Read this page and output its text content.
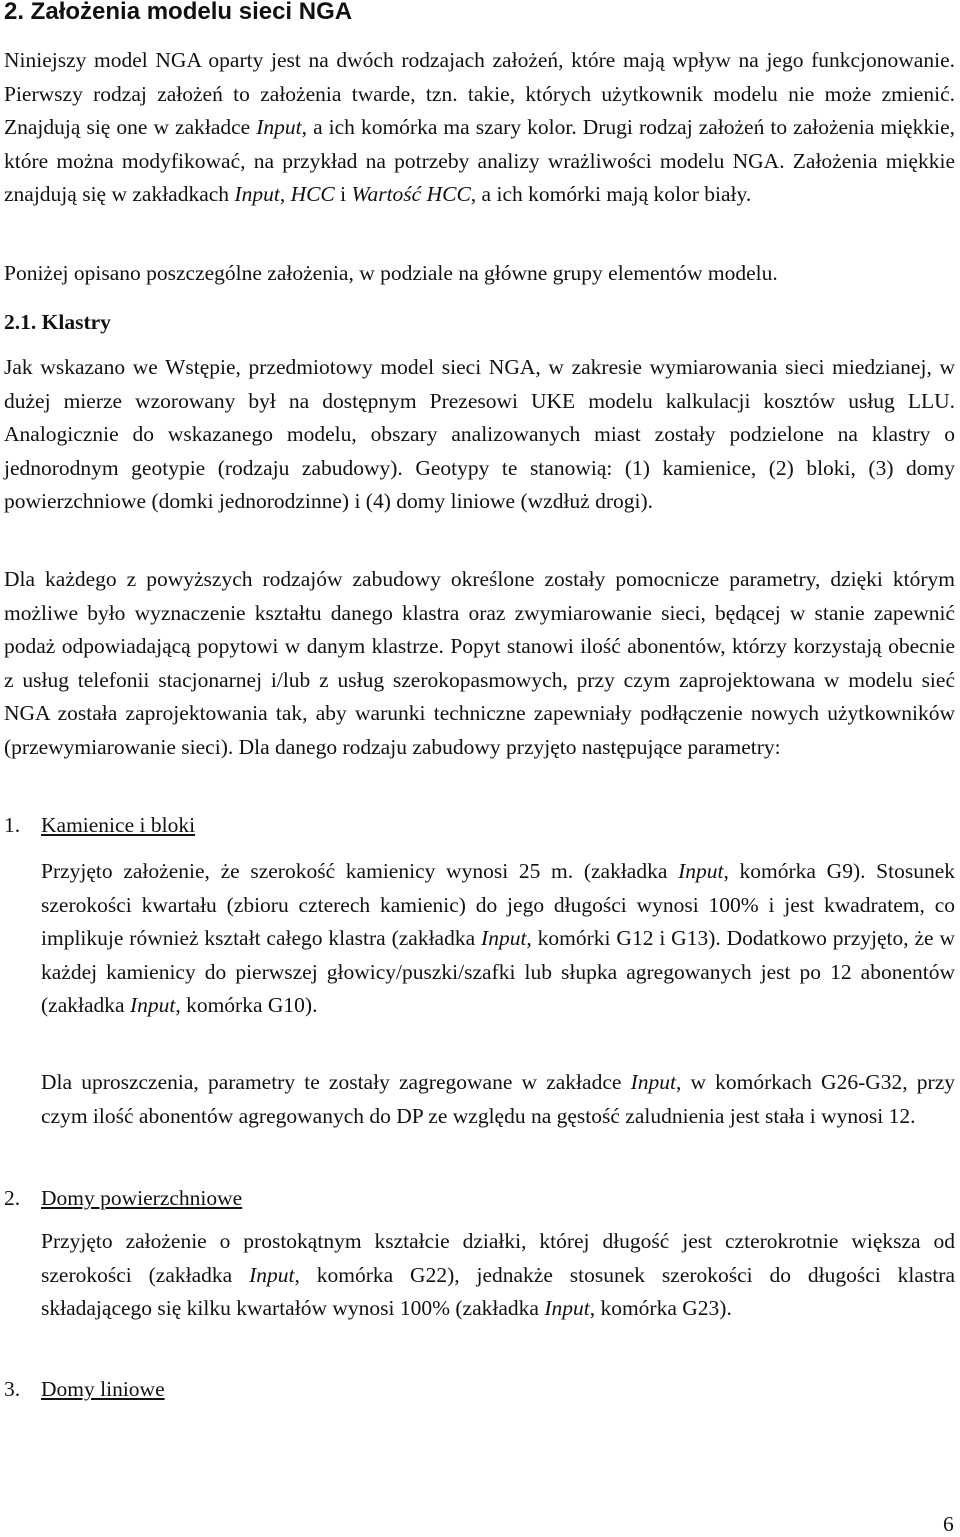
2. Założenia modelu sieci NGA

Niniejszy model NGA oparty jest na dwóch rodzajach założeń, które mają wpływ na jego funkcjonowanie. Pierwszy rodzaj założeń to założenia twarde, tzn. takie, których użytkownik modelu nie może zmienić. Znajdują się one w zakładce Input, a ich komórka ma szary kolor. Drugi rodzaj założeń to założenia miękkie, które można modyfikować, na przykład na potrzeby analizy wrażliwości modelu NGA. Założenia miękkie znajdują się w zakładkach Input, HCC i Wartość HCC, a ich komórki mają kolor biały.

Poniżej opisano poszczególne założenia, w podziale na główne grupy elementów modelu.

2.1. Klastry

Jak wskazano we Wstępie, przedmiotowy model sieci NGA, w zakresie wymiarowania sieci miedzianej, w dużej mierze wzorowany był na dostępnym Prezesowi UKE modelu kalkulacji kosztów usług LLU. Analogicznie do wskazanego modelu, obszary analizowanych miast zostały podzielone na klastry o jednorodnym geotypie (rodzaju zabudowy). Geotypy te stanowią: (1) kamienice, (2) bloki, (3) domy powierzchniowe (domki jednorodzinne) i (4) domy liniowe (wzdłuż drogi).

Dla każdego z powyższych rodzajów zabudowy określone zostały pomocnicze parametry, dzięki którym możliwe było wyznaczenie kształtu danego klastra oraz zwymiarowanie sieci, będącej w stanie zapewnić podaż odpowiadającą popytowi w danym klastrze. Popyt stanowi ilość abonentów, którzy korzystają obecnie z usług telefonii stacjonarnej i/lub z usług szerokopasmowych, przy czym zaprojektowana w modelu sieć NGA została zaprojektowania tak, aby warunki techniczne zapewniały podłączenie nowych użytkowników (przewymiarowanie sieci). Dla danego rodzaju zabudowy przyjęto następujące parametry:

1. Kamienice i bloki

Przyjęto założenie, że szerokość kamienicy wynosi 25 m. (zakładka Input, komórka G9). Stosunek szerokości kwartału (zbioru czterech kamienic) do jego długości wynosi 100% i jest kwadratem, co implikuje również kształt całego klastra (zakładka Input, komórki G12 i G13). Dodatkowo przyjęto, że w każdej kamienicy do pierwszej głowicy/puszki/szafki lub słupka agregowanych jest po 12 abonentów (zakładka Input, komórka G10).

Dla uproszczenia, parametry te zostały zagregowane w zakładce Input, w komórkach G26-G32, przy czym ilość abonentów agregowanych do DP ze względu na gęstość zaludnienia jest stała i wynosi 12.

2. Domy powierzchniowe

Przyjęto założenie o prostokątnym kształcie działki, której długość jest czterokrotnie większa od szerokości (zakładka Input, komórka G22), jednakże stosunek szerokości do długości klastra składającego się kilku kwartałów wynosi 100% (zakładka Input, komórka G23).

3. Domy liniowe
6
